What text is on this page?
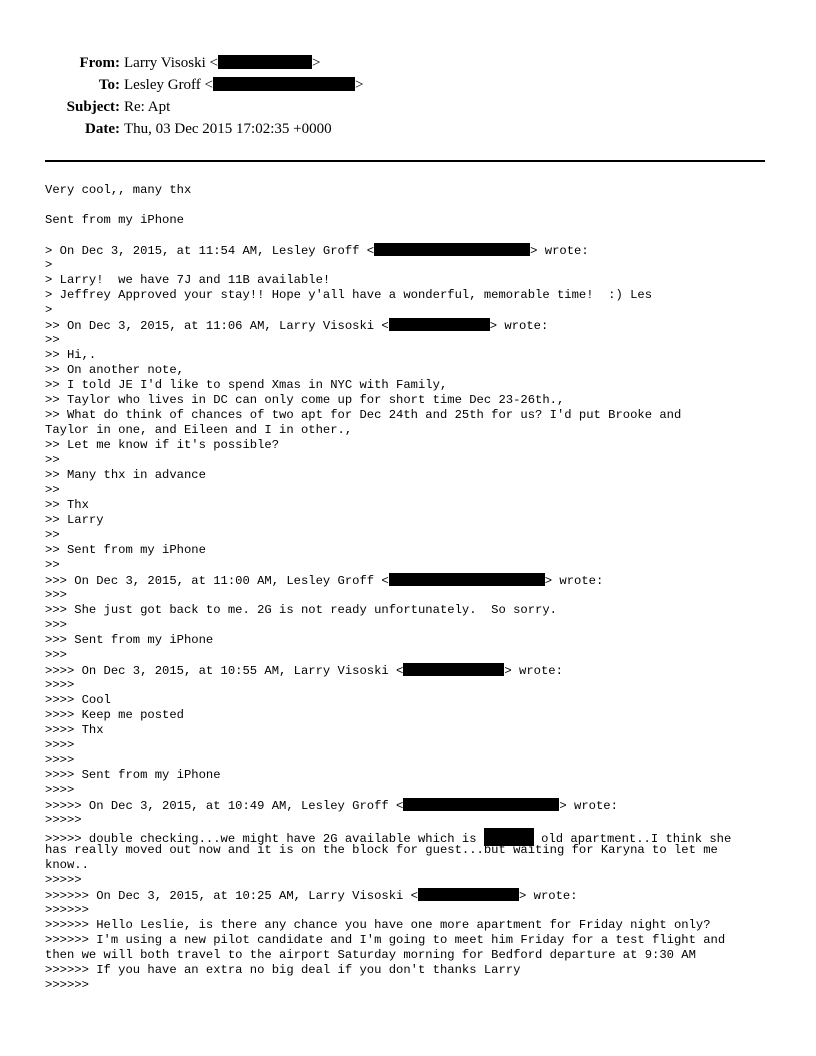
From: Larry Visoski <	>
To: Lesley Groff <	>
Subject: Re: Apt
Date: Thu, 03 Dec 2015 17:02:35 +0000
Very cool,, many thx
Sent from my iPhone
> On Dec 3, 2015, at 11:54 AM, Lesley Groff <	> wrote:
>
> Larry!  we have 7J and 11B available!
> Jeffrey Approved your stay!! Hope y'all have a wonderful, memorable time!  :) Les
>
>> On Dec 3, 2015, at 11:06 AM, Larry Visoski <	> wrote:
>>
>> Hi,.
>> On another note,
>> I told JE I'd like to spend Xmas in NYC with Family,
>> Taylor who lives in DC can only come up for short time Dec 23-26th.,
>> What do think of chances of two apt for Dec 24th and 25th for us? I'd put Brooke and
Taylor in one, and Eileen and I in other.,
>> Let me know if it's possible?
>>
>> Many thx in advance
>>
>> Thx
>> Larry
>>
>> Sent from my iPhone
>>
>>> On Dec 3, 2015, at 11:00 AM, Lesley Groff <	> wrote:
>>>
>>> She just got back to me. 2G is not ready unfortunately.  So sorry.
>>>
>>> Sent from my iPhone
>>>
>>>> On Dec 3, 2015, at 10:55 AM, Larry Visoski <	> wrote:
>>>>
>>>> Cool
>>>> Keep me posted
>>>> Thx
>>>>
>>>>
>>>> Sent from my iPhone
>>>>
>>>>> On Dec 3, 2015, at 10:49 AM, Lesley Groff <	> wrote:
>>>>>
>>>>> double checking...we might have 2G available which is	old apartment..I think she
has really moved out now and it is on the block for guest...but waiting for Karyna to let me
know..
>>>>>
>>>>>> On Dec 3, 2015, at 10:25 AM, Larry Visoski <	> wrote:
>>>>>>
>>>>>> Hello Leslie, is there any chance you have one more apartment for Friday night only?
>>>>>> I'm using a new pilot candidate and I'm going to meet him Friday for a test flight and
then we will both travel to the airport Saturday morning for Bedford departure at 9:30 AM
>>>>>> If you have an extra no big deal if you don't thanks Larry
>>>>>>
